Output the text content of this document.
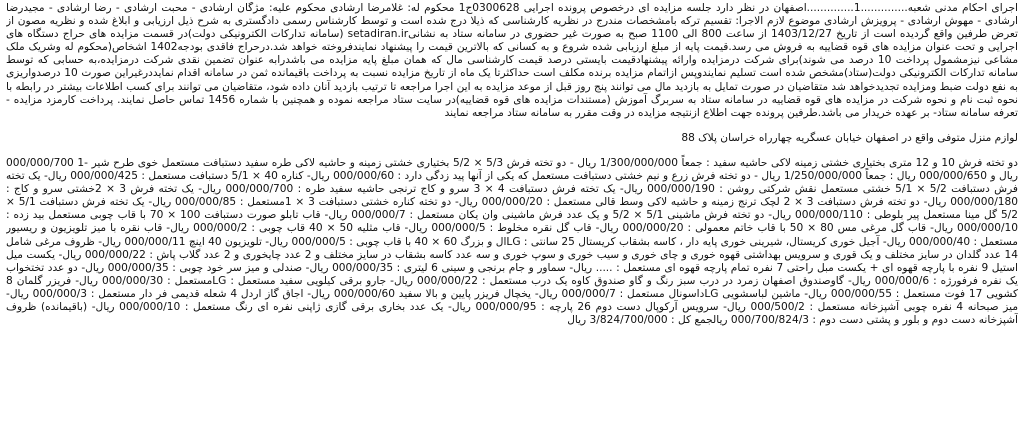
اجرای احکام مدنی شعبه..............1..............اصفهان در نظر دارد جلسه مزایده ای درخصوص پرونده اجرایی 0300628ج1 محکوم له: غلامرضا ارشادی محکوم علیه: مژگان ارشادی - محبت ارشادی - رضا ارشادی - مجیدرضا ارشادی - مهوش ارشادی - پرویزش ارشادی موضوع لازم الاجرا: تقسیم ترکه بامشخصات مندرج در نظریه کارشناسی که ذیلا درج شده است و توسط کارشناس رسمی دادگستری به شرح ذیل ارزیابی و ابلاغ شده و نظریه مصون از تعرض طرفین واقع گردیده است از تاریخ 1403/12/27 از ساعت 800 الی 1100 صبح به صورت غیر حضوری در سامانه ستاد به نشانیsetadiran.ir (سامانه تدارکات الکترونیکی دولت)در قسمت مزایده های حراج دستگاه های اجرایی و تحت عنوان مزایده های قوه قضاییه به فروش می رسد.قیمت پایه از مبلغ ارزیابی شده شروع و به کسانی که بالاترین قیمت را پیشنهاد نمایندفروخته خواهد شد.درحراج فاقدی بودجه1402 اشخاص(محکوم له وشریک ملک مشاعی نیزمشمول پرداخت 10 درصد می شوند)برای شرکت درمزایده وارائه پیشنهادقیمت بایستی درصد قیمت کارشناسی مال که همان مبلغ پایه مزایده می باشدرابه عنوان تضمین نقدی شرکت درمزایده،به حسابی که توسط سامانه تدارکات الکترونیکی دولت(ستاد)مشخص شده است تسلیم نمایندوپس ازاتمام مزایده برنده مکلف است حداکثرتا یک ماه از تاریخ مزایده نسبت به پرداخت باقیمانده ثمن در سامانه اقدام نمایددرغیراین صورت 10 درصدواریزی به نفع دولت ضبط ومزایده تجدیدخواهد شد متقاضیان در صورت تمایل به بازدید مال می توانند پنج روز قبل از موعد مزایده به این اجرا مراجعه تا ترتیب بازدید آنان داده شود، متقاضیان می توانند برای کسب اطلاعات بیشتر در رابطه با نحوه ثبت نام و نحوه شرکت در مزایده های قوه قضاییه در سامانه ستاد به سربرگ آموزش (مستندات مزایده های قوه قضاییه)در سایت ستاد مراجعه نموده و همچنین با شماره 1456 تماس حاصل نمایند. پرداخت کارمزد مزایده - تعرفه سامانه ستاد- بر عهده خریدار می باشد.طرفین پرونده جهت اطلاع ازنتیجه مزایده در وقت مقرر به سامانه ستاد مراجعه نمایند

لوازم منزل متوفی واقع در اصفهان خیابان عسگریه چهارراه خراسان پلاک 88

دو تخته فرش 10 و 12 متری بختیاری خشتی زمینه لاکی حاشیه سفید : جمعاً 1/300/000/000 ریال - دو تخته فرش 5/3 × 5/2 بختیاری خشتی زمینه و حاشیه لاکی طره سفید دستبافت مستعمل خوی طرح شیر -1 000/000/700 ریال و 000/000/650 ریال : جمعاً 1/250/000/000 ریال - دو تخته فرش زرع و نیم خشتی دستبافت مستعمل که یکی از آنها پید زدگی دارد : 000/000/60 ریال- کناره 40 × 5/1 دستبافت مستعمل : 000/000/425 ریال- یک تخته فرش دستبافت 5/2 × 5/1 خشتی مستعمل نقش شرکتی روشن : 000/000/190 ریال- یک تخته فرش دستبافت 4 × 3 سرو و کاج ترنجی حاشیه سفید طره : 000/000/700 ریال- یک تخته فرش 3 × 2خشتی سرو و کاج : 000/000/180 ریال- دو تخته فرش دستبافت 3 × 2 لچک ترنج زمینه و حاشیه لاکی وسط قالی مستعمل : 000/000/20 ریال- دو تخته کناره خشتی دستبافت 3 × 1مستعمل : 000/000/85 ریال- یک تخته فرش دستبافت 5/1 × 5/2 گل مینا مستعمل پیر بلوطی : 000/000/110 ریال- دو تخته فرش ماشینی 5/1 × 5/2 و یک عدد فرش ماشینی وان یکان مستعمل : 000/000/7 ریال- قاب تابلو صورت دستبافت 100 × 70 با قاب چوبی مستعمل بید زده : 000/000/10 ریال- قاب گل مرغی مس 80 × 50 با قاب خاتم معمولی : 000/000/20 ریال- قاب گل نقره مخلوط : 000/000/5 ریال- قاب مثلیه 50 × 40 قاب چوبی : 000/000/2 ریال- قاب نقره با میز تلویزیون و ریسیور مستعمل : 000/000/40 ریال- آجیل خوری کریستال، شیرینی خوری پایه دار ، کاسه بشقاب کریستال 25 سانتی : LGال و بزرگ 60 × 40 با قاب چوبی : 000/000/5 ریال- تلویزیون 40 اینچ 000/000/11 ریال- ظروف مرغی شامل 14 عدد گلدان در سایز مختلف و یک قوری و سرویس بهداشتی قهوه خوری و چای خوری و سیب خوری و سوپ خوری و سه عدد کاسه بشقاب در سایز مختلف و 2 عدد چایخوری و 2 عدد گلاب پاش : 000/000/22 ریال- یکست میل استیل 9 نفره با پارچه قهوه ای + یکست مبل راحتی 7 نفره تمام پارچه قهوه ای مستعمل : ..... ریال- سماور و جام برنجی و سینی 6 لیتری : 000/000/35 ریال- صندلی و میز سر خود چوبی : 000/000/35 ریال- دو عدد تختخواب یک نفره فرفورژه : 000/000/6 ریال- گاوصندوق اصفهان زمرد در درب سبز رنگ و گاو صندوق کاوه یک درب مستعمل : 000/000/22 ریال- جارو برقی کیلویی سفید مستعمل : LGمستعمل : 000/000/30 ریال- فریزر گلمان 8 کشویی 17 فوت مستعمل : 000/000/55 ریال- ماشین لباسشویی LGداسونال مستعمل : 000/000/7 ریال- یخچال فریزر پایین و بالا سفید 000/000/60 ریال- اجاق گاز اردل 4 شعله قدیمی فر دار مستعمل : 000/000/3 ریال- میز صبحانه 4 نفره چوبی آشپزخانه مستعمل : 000/500/2 ریال- سرویس آرکوپال دست دوم 26 پارچه : 000/000/95 ریال- یک عدد بخاری برقی گازی ژاپنی نفره ای رنگ مستعمل : 000/000/10 ریال- (باقیمانده) ظروف آشپزخانه دست دوم و بلور و پشتی دست دوم : 000/700/824/3 ریالجمع کل : 3/824/700/000 ریال
